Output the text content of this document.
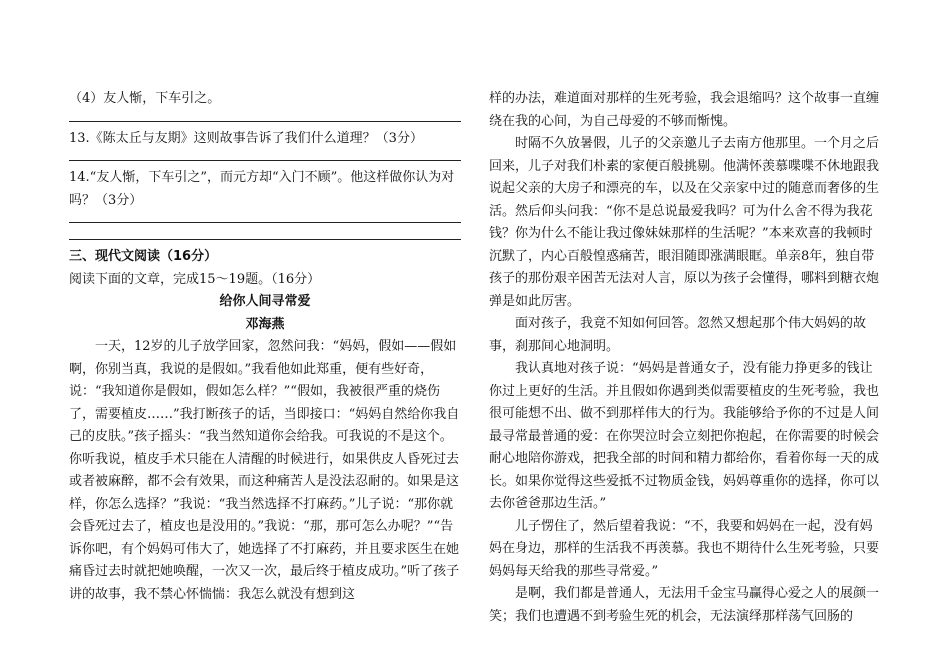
（4）友人惭，下车引之。

13.《陈太丘与友期》这则故事告诉了我们什么道理？（3分）

14.“友人惭，下车引之”，而元方却“入门不顾”。他这样做你认为对吗？（3分）

三、现代文阅读（16分）

阅读下面的文章，完成15～19题。（16分）

给你人间寻常爱

邓海燕

一天，12岁的儿子放学回家，忽然问我：“妈妈，假如——假如啊，你别当真，我说的是假如。”我看他如此郑重，便有些好奇，说：“我知道你是假如，假如怎么样？”“假如，我被很严重的烧伤了，需要植皮……”我打断孩子的话，当即接口：“妈妈自然给你我自己的皮肤。”孩子摇头：“我当然知道你会给我。可我说的不是这个。你听我说，植皮手术只能在人清醒的时候进行，如果供皮人昏死过去或者被麻醉，都不会有效果，而这种痛苦人是没法忍耐的。如果是这样，你怎么选择？”我说：“我当然选择不打麻药。”儿子说：“那你就会昏死过去了，植皮也是没用的。”我说：“那，那可怎么办呢？”“告诉你吧，有个妈妈可伟大了，她选择了不打麻药，并且要求医生在她痛昏过去时就把她唤醒，一次又一次，最后终于植皮成功。”听了孩子讲的故事，我不禁心怀惴惴：我怎么就没有想到这

样的办法，难道面对那样的生死考验，我会退缩吗？这个故事一直缠绕在我的心间，为自己母爱的不够而惭愧。

时隔不久放暑假，儿子的父亲邀儿子去南方他那里。一个月之后回来，儿子对我们朴素的家便百般挑剔。他满怀羡慕喋喋不休地跟我说起父亲的大房子和漂亮的车，以及在父亲家中过的随意而奢侈的生活。然后仰头问我：“你不是总说最爱我吗？可为什么舍不得为我花钱？你为什么不能让我过像妹妹那样的生活呢？”本来欢喜的我顿时沉默了，内心百般惶惑痛苦，眼泪随即涨满眼眶。单亲8年，独自带孩子的那份艰辛困苦无法对人言，原以为孩子会懂得，哪料到糖衣炮弹是如此厉害。

面对孩子，我竟不知如何回答。忽然又想起那个伟大妈妈的故事，刹那间心地洞明。

我认真地对孩子说：“妈妈是普通女子，没有能力挣更多的钱让你过上更好的生活。并且假如你遇到类似需要植皮的生死考验，我也很可能想不出、做不到那样伟大的行为。我能够给予你的不过是人间最寻常最普通的爱：在你哭泣时会立刻把你抱起，在你需要的时候会耐心地陪你游戏，把我全部的时间和精力都给你，看着你每一天的成长。如果你觉得这些爱抵不过物质金钱，妈妈尊重你的选择，你可以去你爸爸那边生活。”

儿子愣住了，然后望着我说：“不，我要和妈妈在一起，没有妈妈在身边，那样的生活我不再羡慕。我也不期待什么生死考验，只要妈妈每天给我的那些寻常爱。”

是啊，我们都是普通人，无法用千金宝马赢得心爱之人的展颜一笑；我们也遭遇不到考验生死的机会，无法演绎那样荡气回肠的
